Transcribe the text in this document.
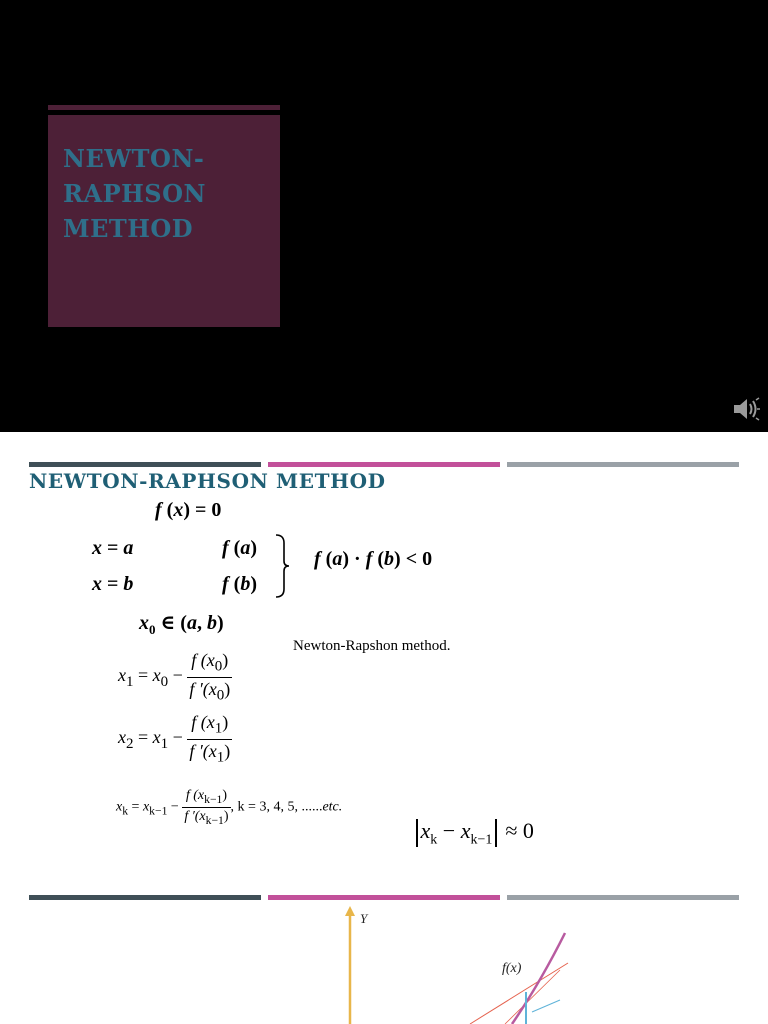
NEWTON-
RAPHSON
METHOD
NEWTON-RAPHSON METHOD
f (x) = 0
x = a
x = b
f (a)
f (b)
f (a) · f (b) < 0
$x_0$ ∈ (a, b)
Newton-Rapshon method.
$x_1 = x_0 - \frac{f (x_0)}{f '(x_0)}$
$x_2 = x_1 - \frac{f (x_1)}{f '(x_1)}$
$x_k = x_{k-1} - \frac{f (x_{k-1})}{f '(x_{k-1})}$ , k = 3, 4, 5, ......etc.
$x_k - x_{k-1} \approx 0$
Y
f(x)
